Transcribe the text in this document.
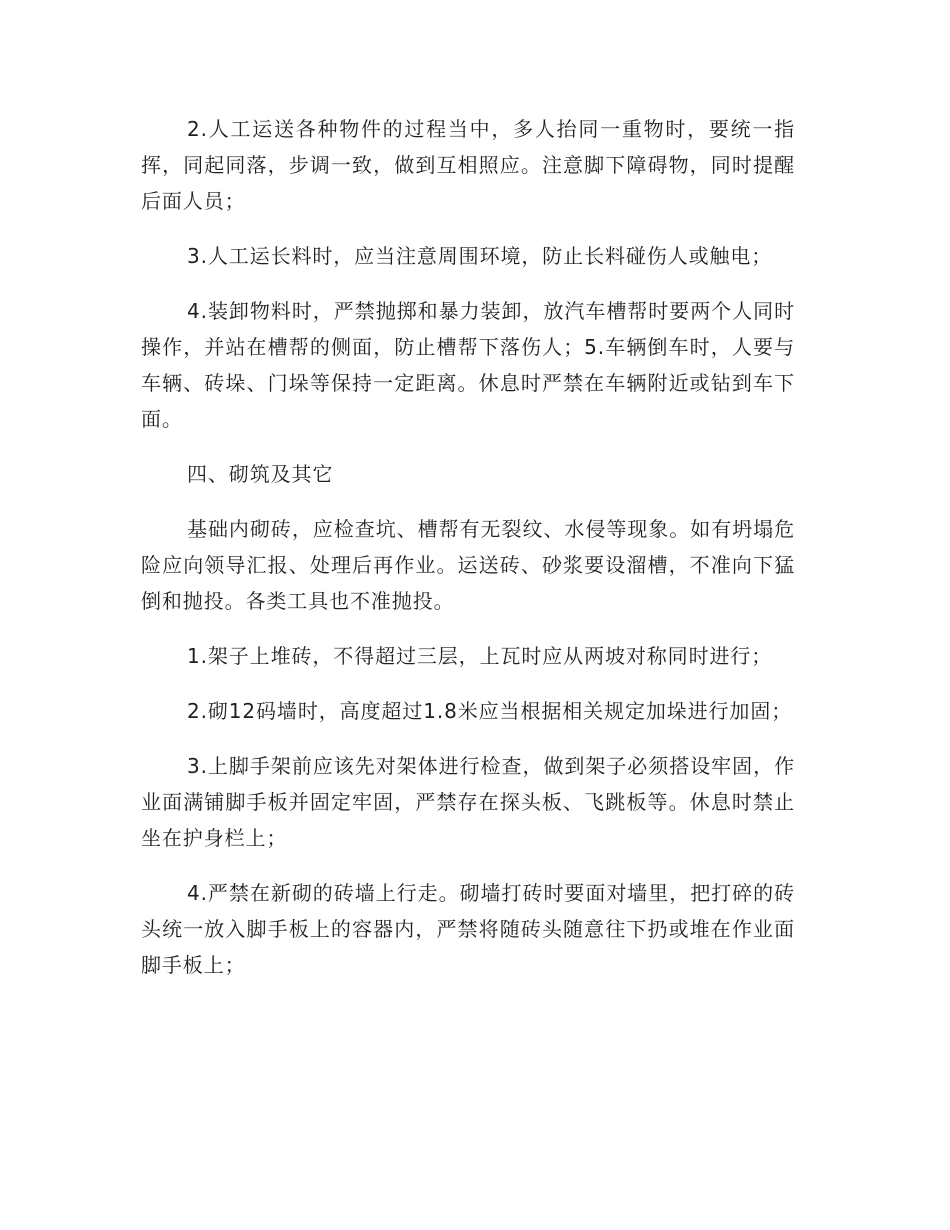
2.人工运送各种物件的过程当中，多人抬同一重物时，要统一指挥，同起同落，步调一致，做到互相照应。注意脚下障碍物，同时提醒后面人员；

3.人工运长料时，应当注意周围环境，防止长料碰伤人或触电；

4.装卸物料时，严禁抛掷和暴力装卸，放汽车槽帮时要两个人同时操作，并站在槽帮的侧面，防止槽帮下落伤人；5.车辆倒车时，人要与车辆、砖垛、门垛等保持一定距离。休息时严禁在车辆附近或钻到车下面。

四、砌筑及其它

基础内砌砖，应检查坑、槽帮有无裂纹、水侵等现象。如有坍塌危险应向领导汇报、处理后再作业。运送砖、砂浆要设溜槽，不准向下猛倒和抛投。各类工具也不准抛投。

1.架子上堆砖，不得超过三层，上瓦时应从两坡对称同时进行；

2.砌12码墙时，高度超过1.8米应当根据相关规定加垛进行加固；

3.上脚手架前应该先对架体进行检查，做到架子必须搭设牢固，作业面满铺脚手板并固定牢固，严禁存在探头板、飞跳板等。休息时禁止坐在护身栏上；

4.严禁在新砌的砖墙上行走。砌墙打砖时要面对墙里，把打碎的砖头统一放入脚手板上的容器内，严禁将随砖头随意往下扔或堆在作业面脚手板上；
